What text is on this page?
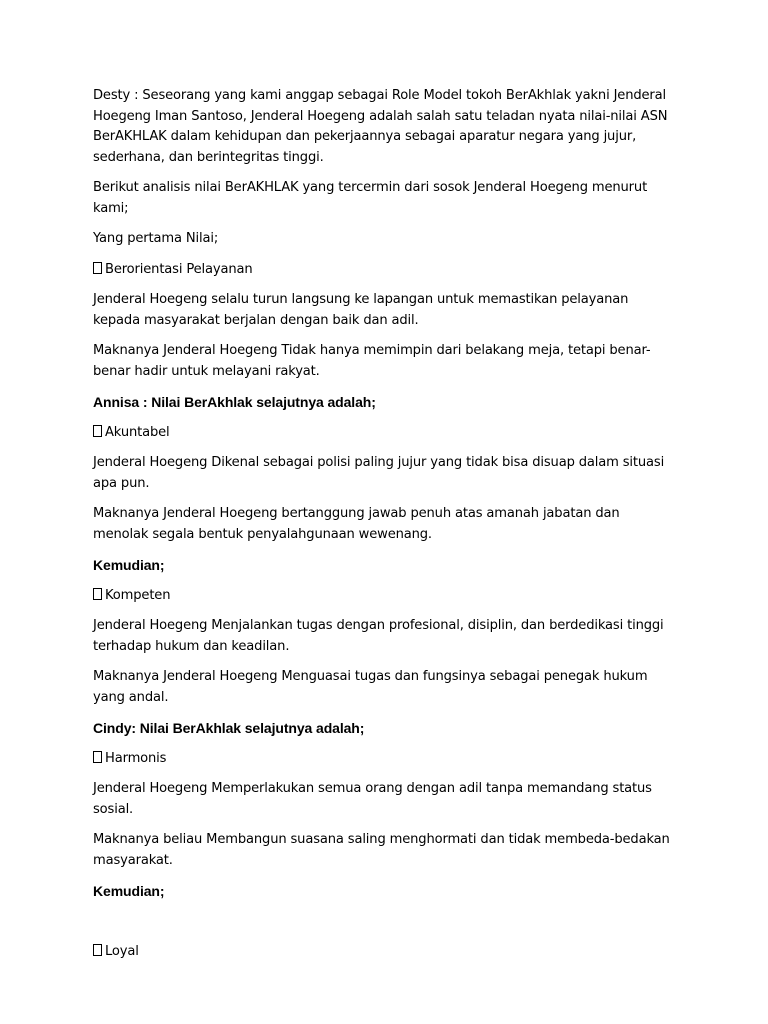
Desty : Seseorang yang kami anggap sebagai Role Model tokoh BerAkhlak yakni Jenderal Hoegeng Iman Santoso, Jenderal Hoegeng adalah salah satu teladan nyata nilai-nilai ASN BerAKHLAK dalam kehidupan dan pekerjaannya sebagai aparatur negara yang jujur, sederhana, dan berintegritas tinggi.

Berikut analisis nilai BerAKHLAK yang tercermin dari sosok Jenderal Hoegeng menurut kami;

Yang pertama Nilai;

Berorientasi Pelayanan

Jenderal Hoegeng selalu turun langsung ke lapangan untuk memastikan pelayanan kepada masyarakat berjalan dengan baik dan adil.

Maknanya Jenderal Hoegeng Tidak hanya memimpin dari belakang meja, tetapi benar-benar hadir untuk melayani rakyat.

Annisa : Nilai BerAkhlak selajutnya adalah;

Akuntabel

Jenderal Hoegeng Dikenal sebagai polisi paling jujur yang tidak bisa disuap dalam situasi apa pun.

Maknanya Jenderal Hoegeng bertanggung jawab penuh atas amanah jabatan dan menolak segala bentuk penyalahgunaan wewenang.

Kemudian;

Kompeten

Jenderal Hoegeng Menjalankan tugas dengan profesional, disiplin, dan berdedikasi tinggi terhadap hukum dan keadilan.

Maknanya Jenderal Hoegeng Menguasai tugas dan fungsinya sebagai penegak hukum yang andal.

Cindy: Nilai BerAkhlak selajutnya adalah;

Harmonis

Jenderal Hoegeng Memperlakukan semua orang dengan adil tanpa memandang status sosial.

Maknanya beliau Membangun suasana saling menghormati dan tidak membeda-bedakan masyarakat.

Kemudian;

Loyal
